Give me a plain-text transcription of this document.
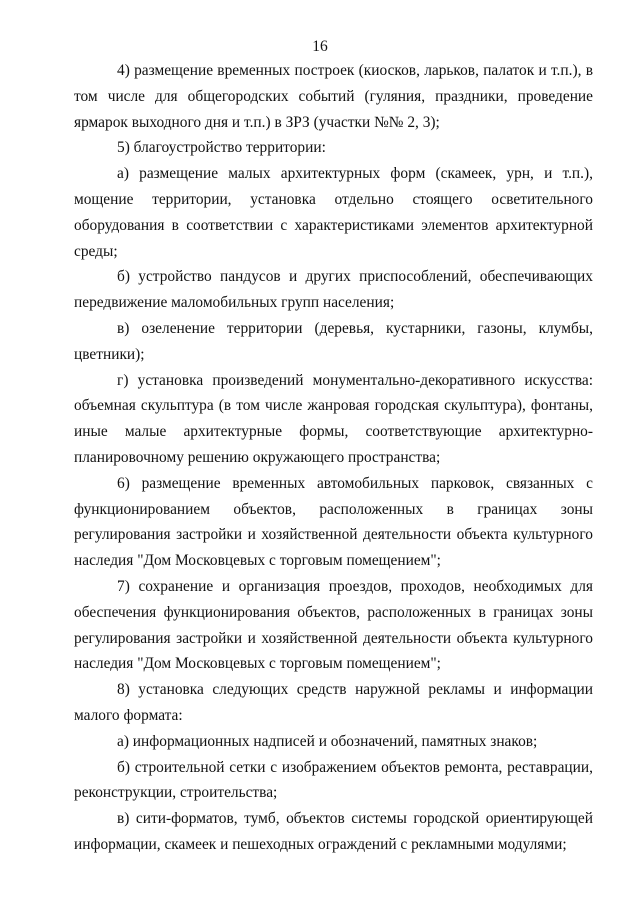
16

4) размещение временных построек (киосков, ларьков, палаток и т.п.), в том числе для общегородских событий (гуляния, праздники, проведение ярмарок выходного дня и т.п.) в ЗРЗ (участки №№ 2, 3);

5) благоустройство территории:

а) размещение малых архитектурных форм (скамеек, урн, и т.п.), мощение территории, установка отдельно стоящего осветительного оборудования в соответствии с характеристиками элементов архитектурной среды;

б) устройство пандусов и других приспособлений, обеспечивающих передвижение маломобильных групп населения;

в) озеленение территории (деревья, кустарники, газоны, клумбы, цветники);

г) установка произведений монументально-декоративного искусства: объемная скульптура (в том числе жанровая городская скульптура), фонтаны, иные малые архитектурные формы, соответствующие архитектурно-планировочному решению окружающего пространства;

6) размещение временных автомобильных парковок, связанных с функционированием объектов, расположенных в границах зоны регулирования застройки и хозяйственной деятельности объекта культурного наследия "Дом Московцевых с торговым помещением";

7) сохранение и организация проездов, проходов, необходимых для обеспечения функционирования объектов, расположенных в границах зоны регулирования застройки и хозяйственной деятельности объекта культурного наследия "Дом Московцевых с торговым помещением";

8) установка следующих средств наружной рекламы и информации малого формата:

а) информационных надписей и обозначений, памятных знаков;

б) строительной сетки с изображением объектов ремонта, реставрации, реконструкции, строительства;

в) сити-форматов, тумб, объектов системы городской ориентирующей информации, скамеек и пешеходных ограждений с рекламными модулями;
